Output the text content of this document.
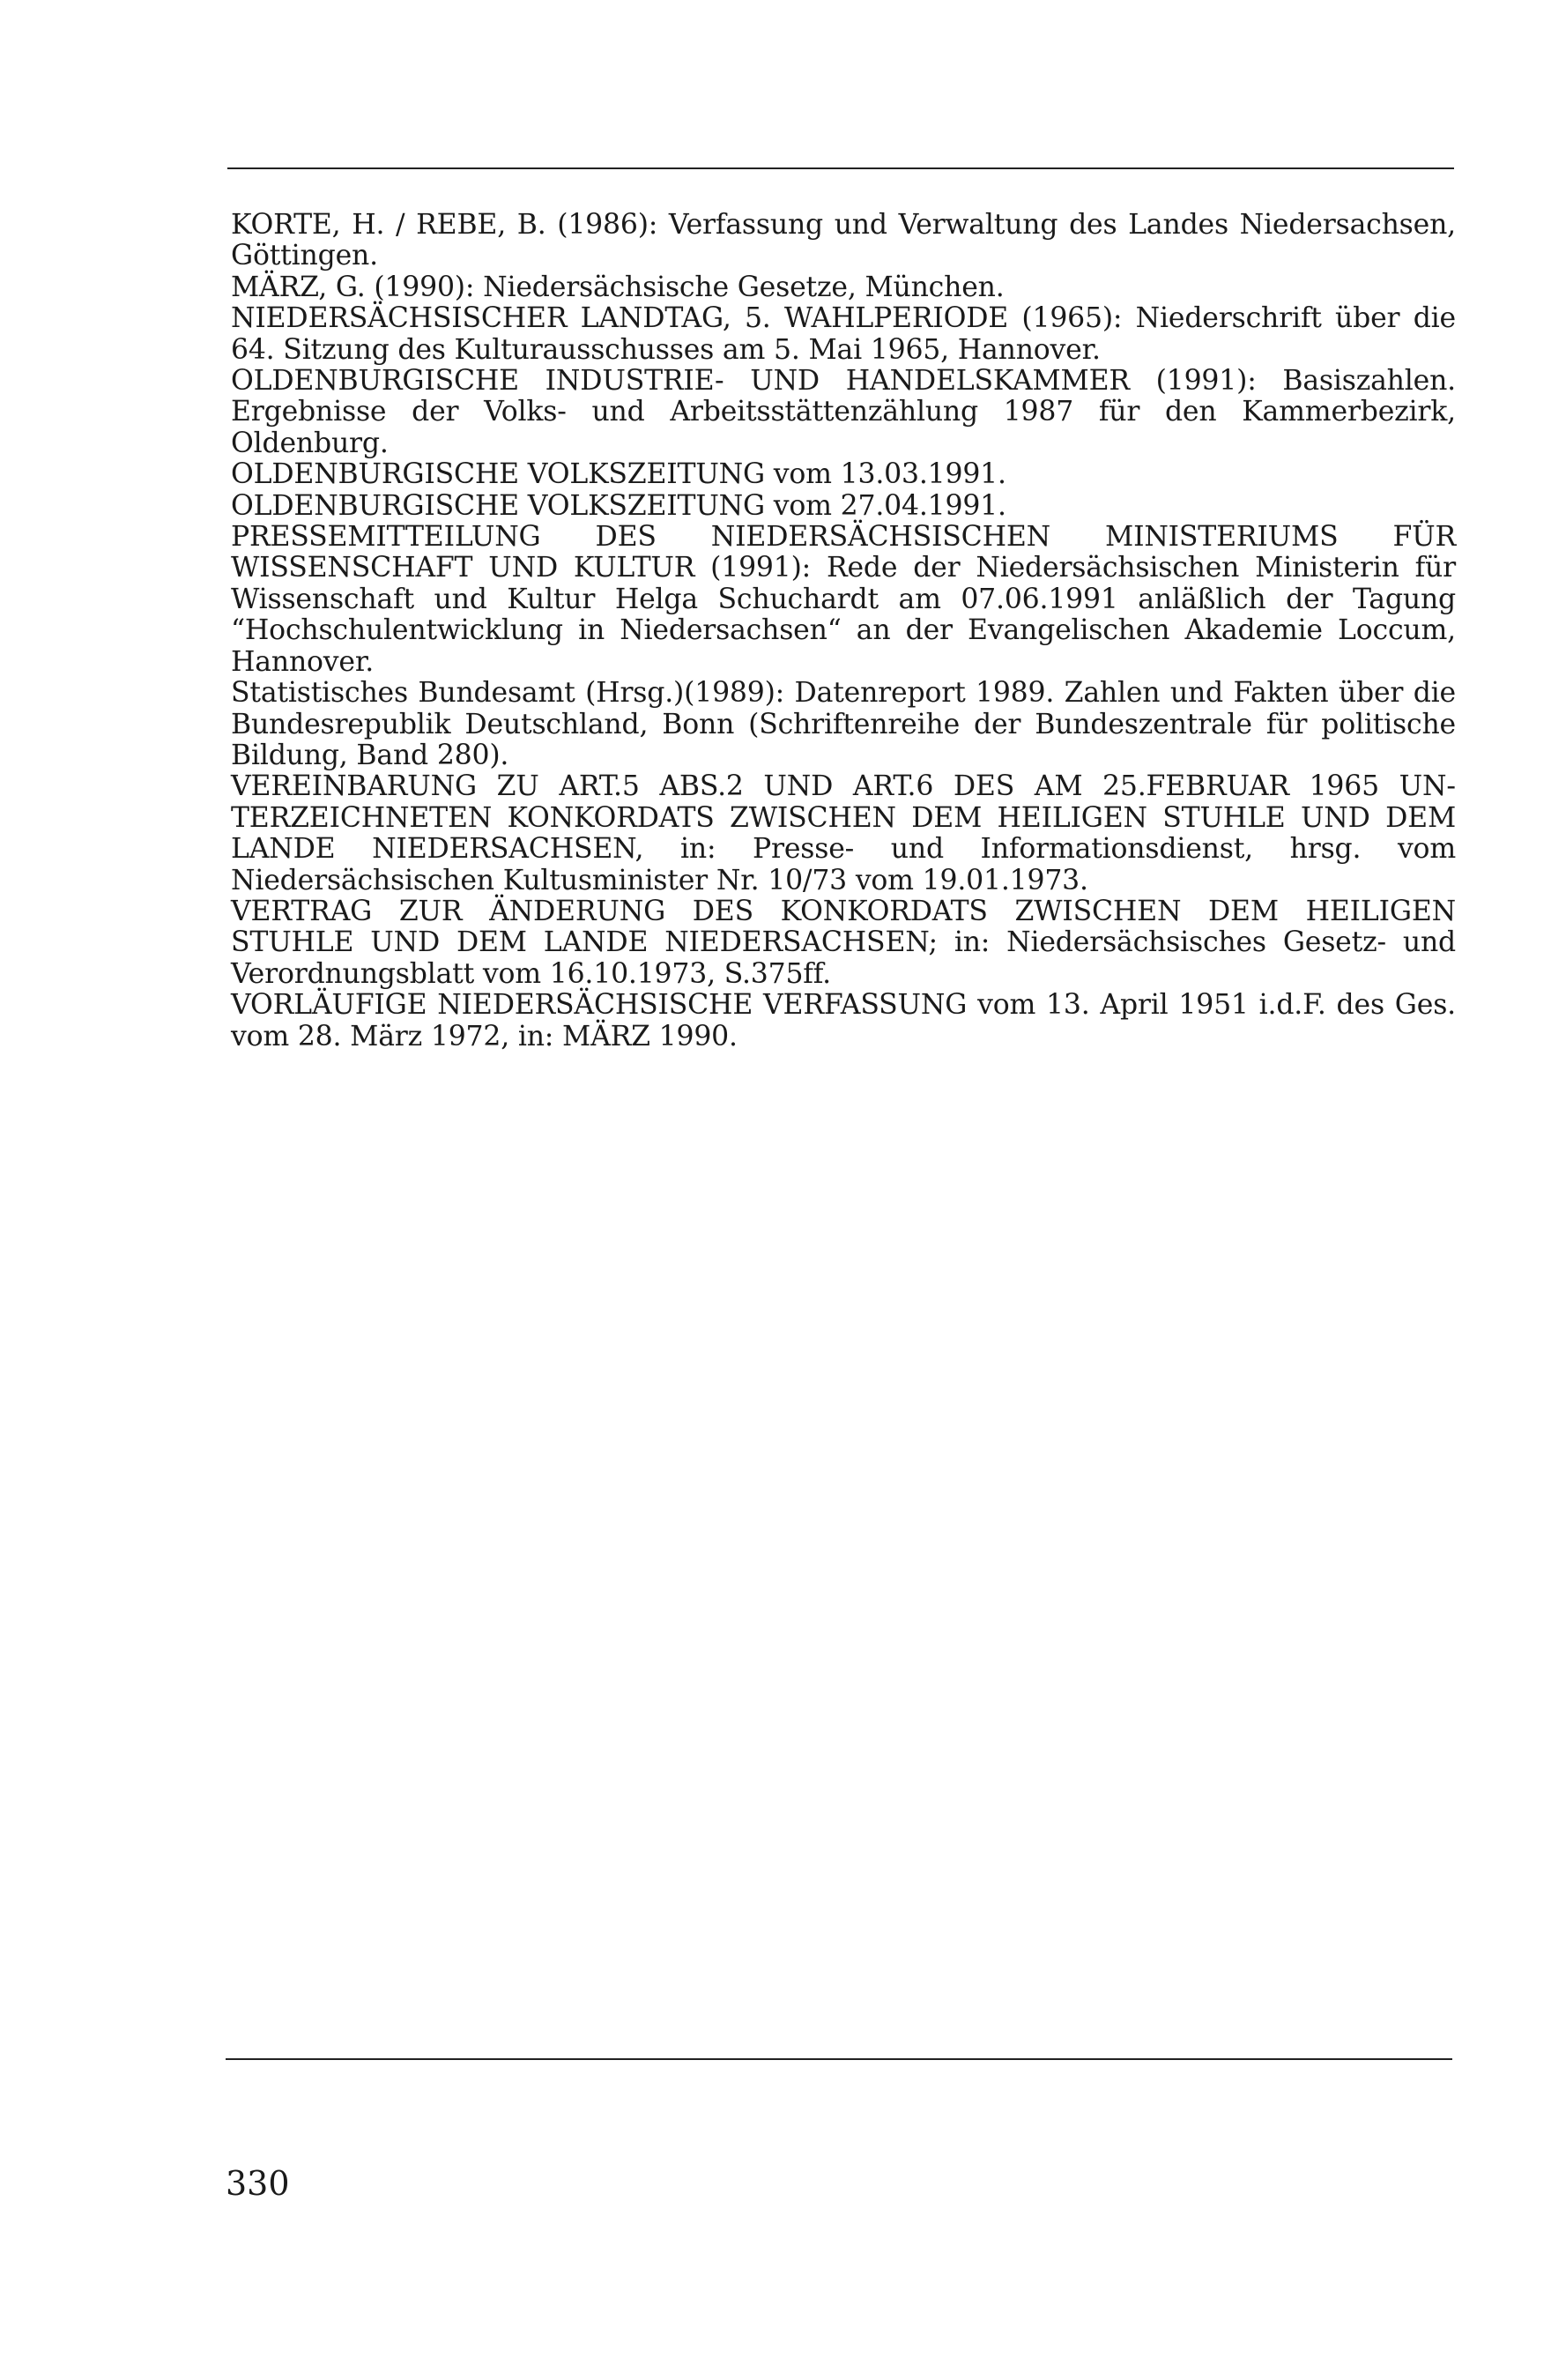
KORTE, H. / REBE, B. (1986): Verfassung und Verwaltung des Landes Niedersachsen, Göttingen.
MÄRZ, G. (1990): Niedersächsische Gesetze, München.
NIEDERSÄCHSISCHER LANDTAG, 5. WAHLPERIODE (1965): Niederschrift über die 64. Sitzung des Kulturausschusses am 5. Mai 1965, Hannover.
OLDENBURGISCHE INDUSTRIE- UND HANDELSKAMMER (1991): Basiszahlen. Ergebnisse der Volks- und Arbeitsstättenzählung 1987 für den Kammerbezirk, Oldenburg.
OLDENBURGISCHE VOLKSZEITUNG vom 13.03.1991.
OLDENBURGISCHE VOLKSZEITUNG vom 27.04.1991.
PRESSEMITTEILUNG DES NIEDERSÄCHSISCHEN MINISTERIUMS FÜR WISSENSCHAFT UND KULTUR (1991): Rede der Niedersächsischen Ministerin für Wissenschaft und Kultur Helga Schuchardt am 07.06.1991 anläßlich der Tagung “Hochschulentwicklung in Niedersachsen“ an der Evangelischen Akademie Loccum, Hannover.
Statistisches Bundesamt (Hrsg.)(1989): Datenreport 1989. Zahlen und Fakten über die Bundesrepublik Deutschland, Bonn (Schriftenreihe der Bundeszentrale für politische Bildung, Band 280).
VEREINBARUNG ZU ART.5 ABS.2 UND ART.6 DES AM 25.FEBRUAR 1965 UNTERZEICHNETEN KONKORDATS ZWISCHEN DEM HEILIGEN STUHLE UND DEM LANDE NIEDERSACHSEN, in: Presse- und Informationsdienst, hrsg. vom Niedersächsischen Kultusminister Nr. 10/73 vom 19.01.1973.
VERTRAG ZUR ÄNDERUNG DES KONKORDATS ZWISCHEN DEM HEILIGEN STUHLE UND DEM LANDE NIEDERSACHSEN; in: Niedersächsisches Gesetz- und Verordnungsblatt vom 16.10.1973, S.375ff.
VORLÄUFIGE NIEDERSÄCHSISCHE VERFASSUNG vom 13. April 1951 i.d.F. des Ges. vom 28. März 1972, in: MÄRZ 1990.

330
